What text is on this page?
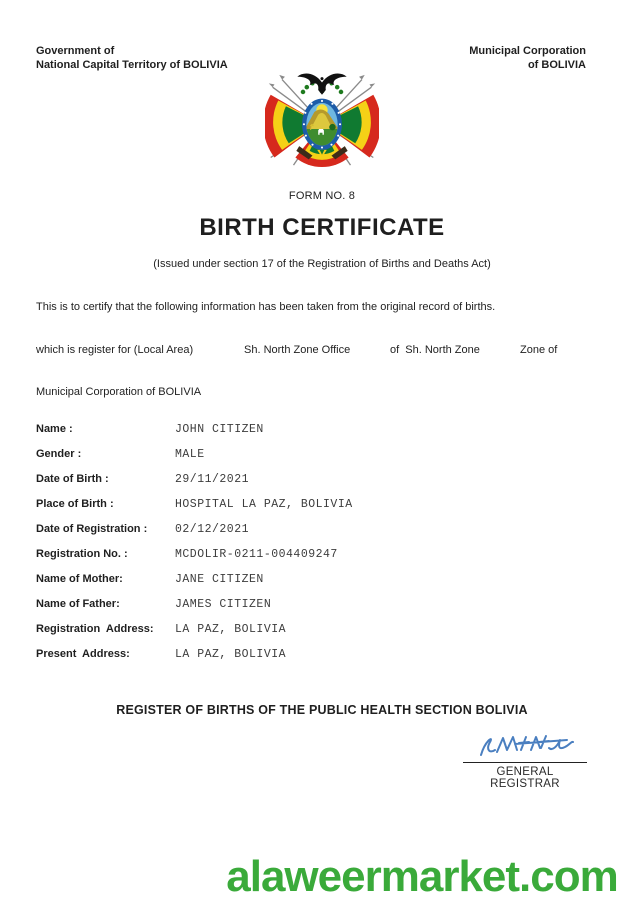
Government of
National Capital Territory of BOLIVIA
Municipal Corporation
of BOLIVIA
FORM NO. 8
BIRTH CERTIFICATE
(Issued under section 17 of the Registration of Births and Deaths Act)
This is to certify that the following information has been taken from the original record of births.
which is register for (Local Area)	Sh. North Zone Office	of  Sh. North Zone	Zone of
Municipal Corporation of BOLIVIA
Name :	JOHN CITIZEN
Gender :	MALE
Date of Birth :	29/11/2021
Place of Birth :	HOSPITAL LA PAZ, BOLIVIA
Date of Registration :	02/12/2021
Registration No. :	MCDOLIR-0211-004409247
Name of Mother:	JANE CITIZEN
Name of Father:	JAMES CITIZEN
Registration  Address:	LA PAZ, BOLIVIA
Present  Address:	LA PAZ, BOLIVIA
REGISTER OF BIRTHS OF THE PUBLIC HEALTH SECTION BOLIVIA
GENERAL REGISTRAR
alaweermarket.com
